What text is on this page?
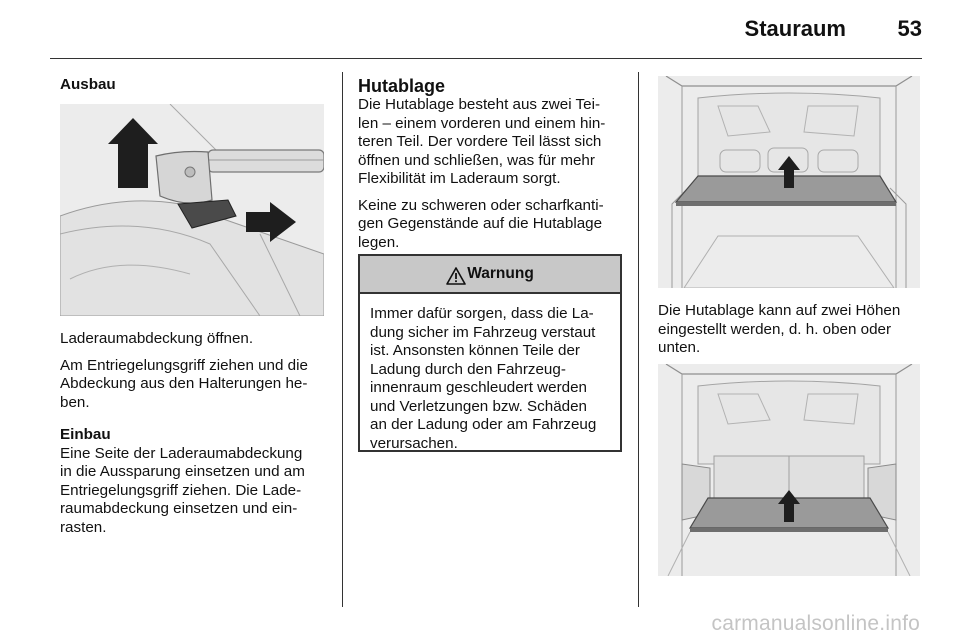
Stauraum	53
Ausbau

Laderaumabdeckung öffnen.

Am Entriegelungsgriff ziehen und die
Abdeckung aus den Halterungen he-
ben.

Einbau
Eine Seite der Laderaumabdeckung
in die Aussparung einsetzen und am
Entriegelungsgriff ziehen. Die Lade-
raumabdeckung einsetzen und ein-
rasten.

Hutablage

Die Hutablage besteht aus zwei Tei-
len – einem vorderen und einem hin-
teren Teil. Der vordere Teil lässt sich
öffnen und schließen, was für mehr
Flexibilität im Laderaum sorgt.

Keine zu schweren oder scharfkanti-
gen Gegenstände auf die Hutablage
legen.

Warnung
Immer dafür sorgen, dass die La-
dung sicher im Fahrzeug verstaut
ist. Ansonsten können Teile der
Ladung durch den Fahrzeug-
innenraum geschleudert werden
und Verletzungen bzw. Schäden
an der Ladung oder am Fahrzeug
verursachen.

Die Hutablage kann auf zwei Höhen
eingestellt werden, d. h. oben oder
unten.

carmanualsonline.info
